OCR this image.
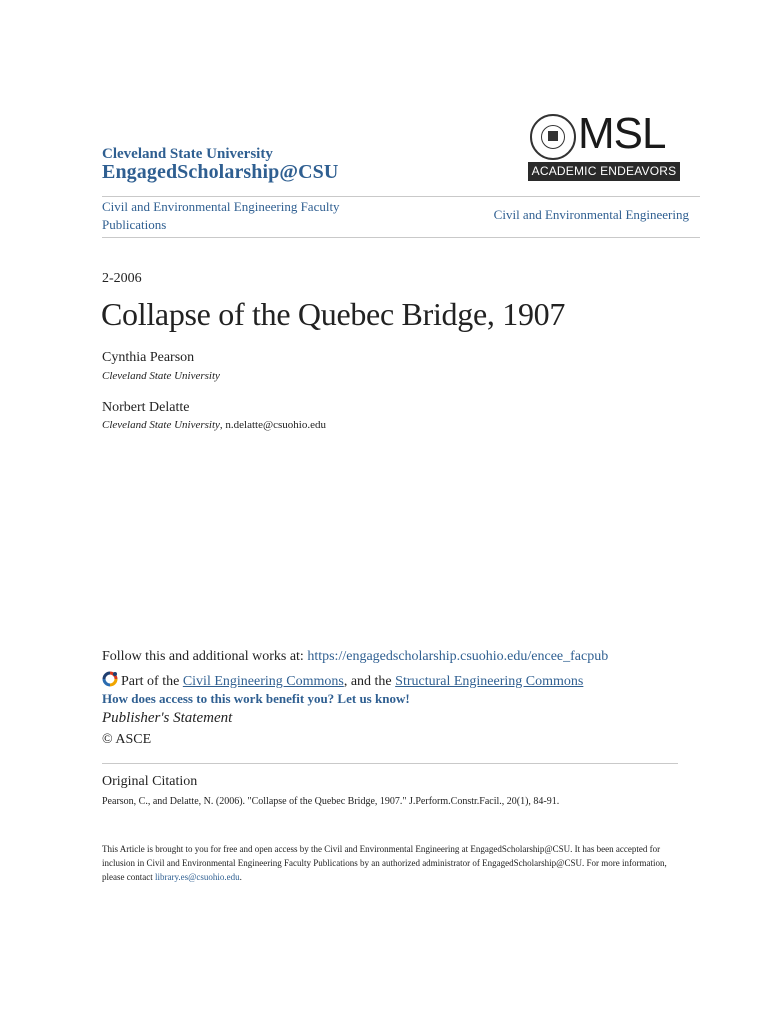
Cleveland State University
EngagedScholarship@CSU
MSL
ACADEMIC ENDEAVORS
Civil and Environmental Engineering Faculty Publications
Civil and Environmental Engineering
2-2006
Collapse of the Quebec Bridge, 1907
Cynthia Pearson
Cleveland State University
Norbert Delatte
Cleveland State University, n.delatte@csuohio.edu
Follow this and additional works at: https://engagedscholarship.csuohio.edu/encee_facpub
Part of the Civil Engineering Commons, and the Structural Engineering Commons
How does access to this work benefit you? Let us know!
Publisher's Statement
© ASCE
Original Citation
Pearson, C., and Delatte, N. (2006). "Collapse of the Quebec Bridge, 1907." J.Perform.Constr.Facil., 20(1), 84-91.
This Article is brought to you for free and open access by the Civil and Environmental Engineering at EngagedScholarship@CSU. It has been accepted for inclusion in Civil and Environmental Engineering Faculty Publications by an authorized administrator of EngagedScholarship@CSU. For more information, please contact library.es@csuohio.edu.
